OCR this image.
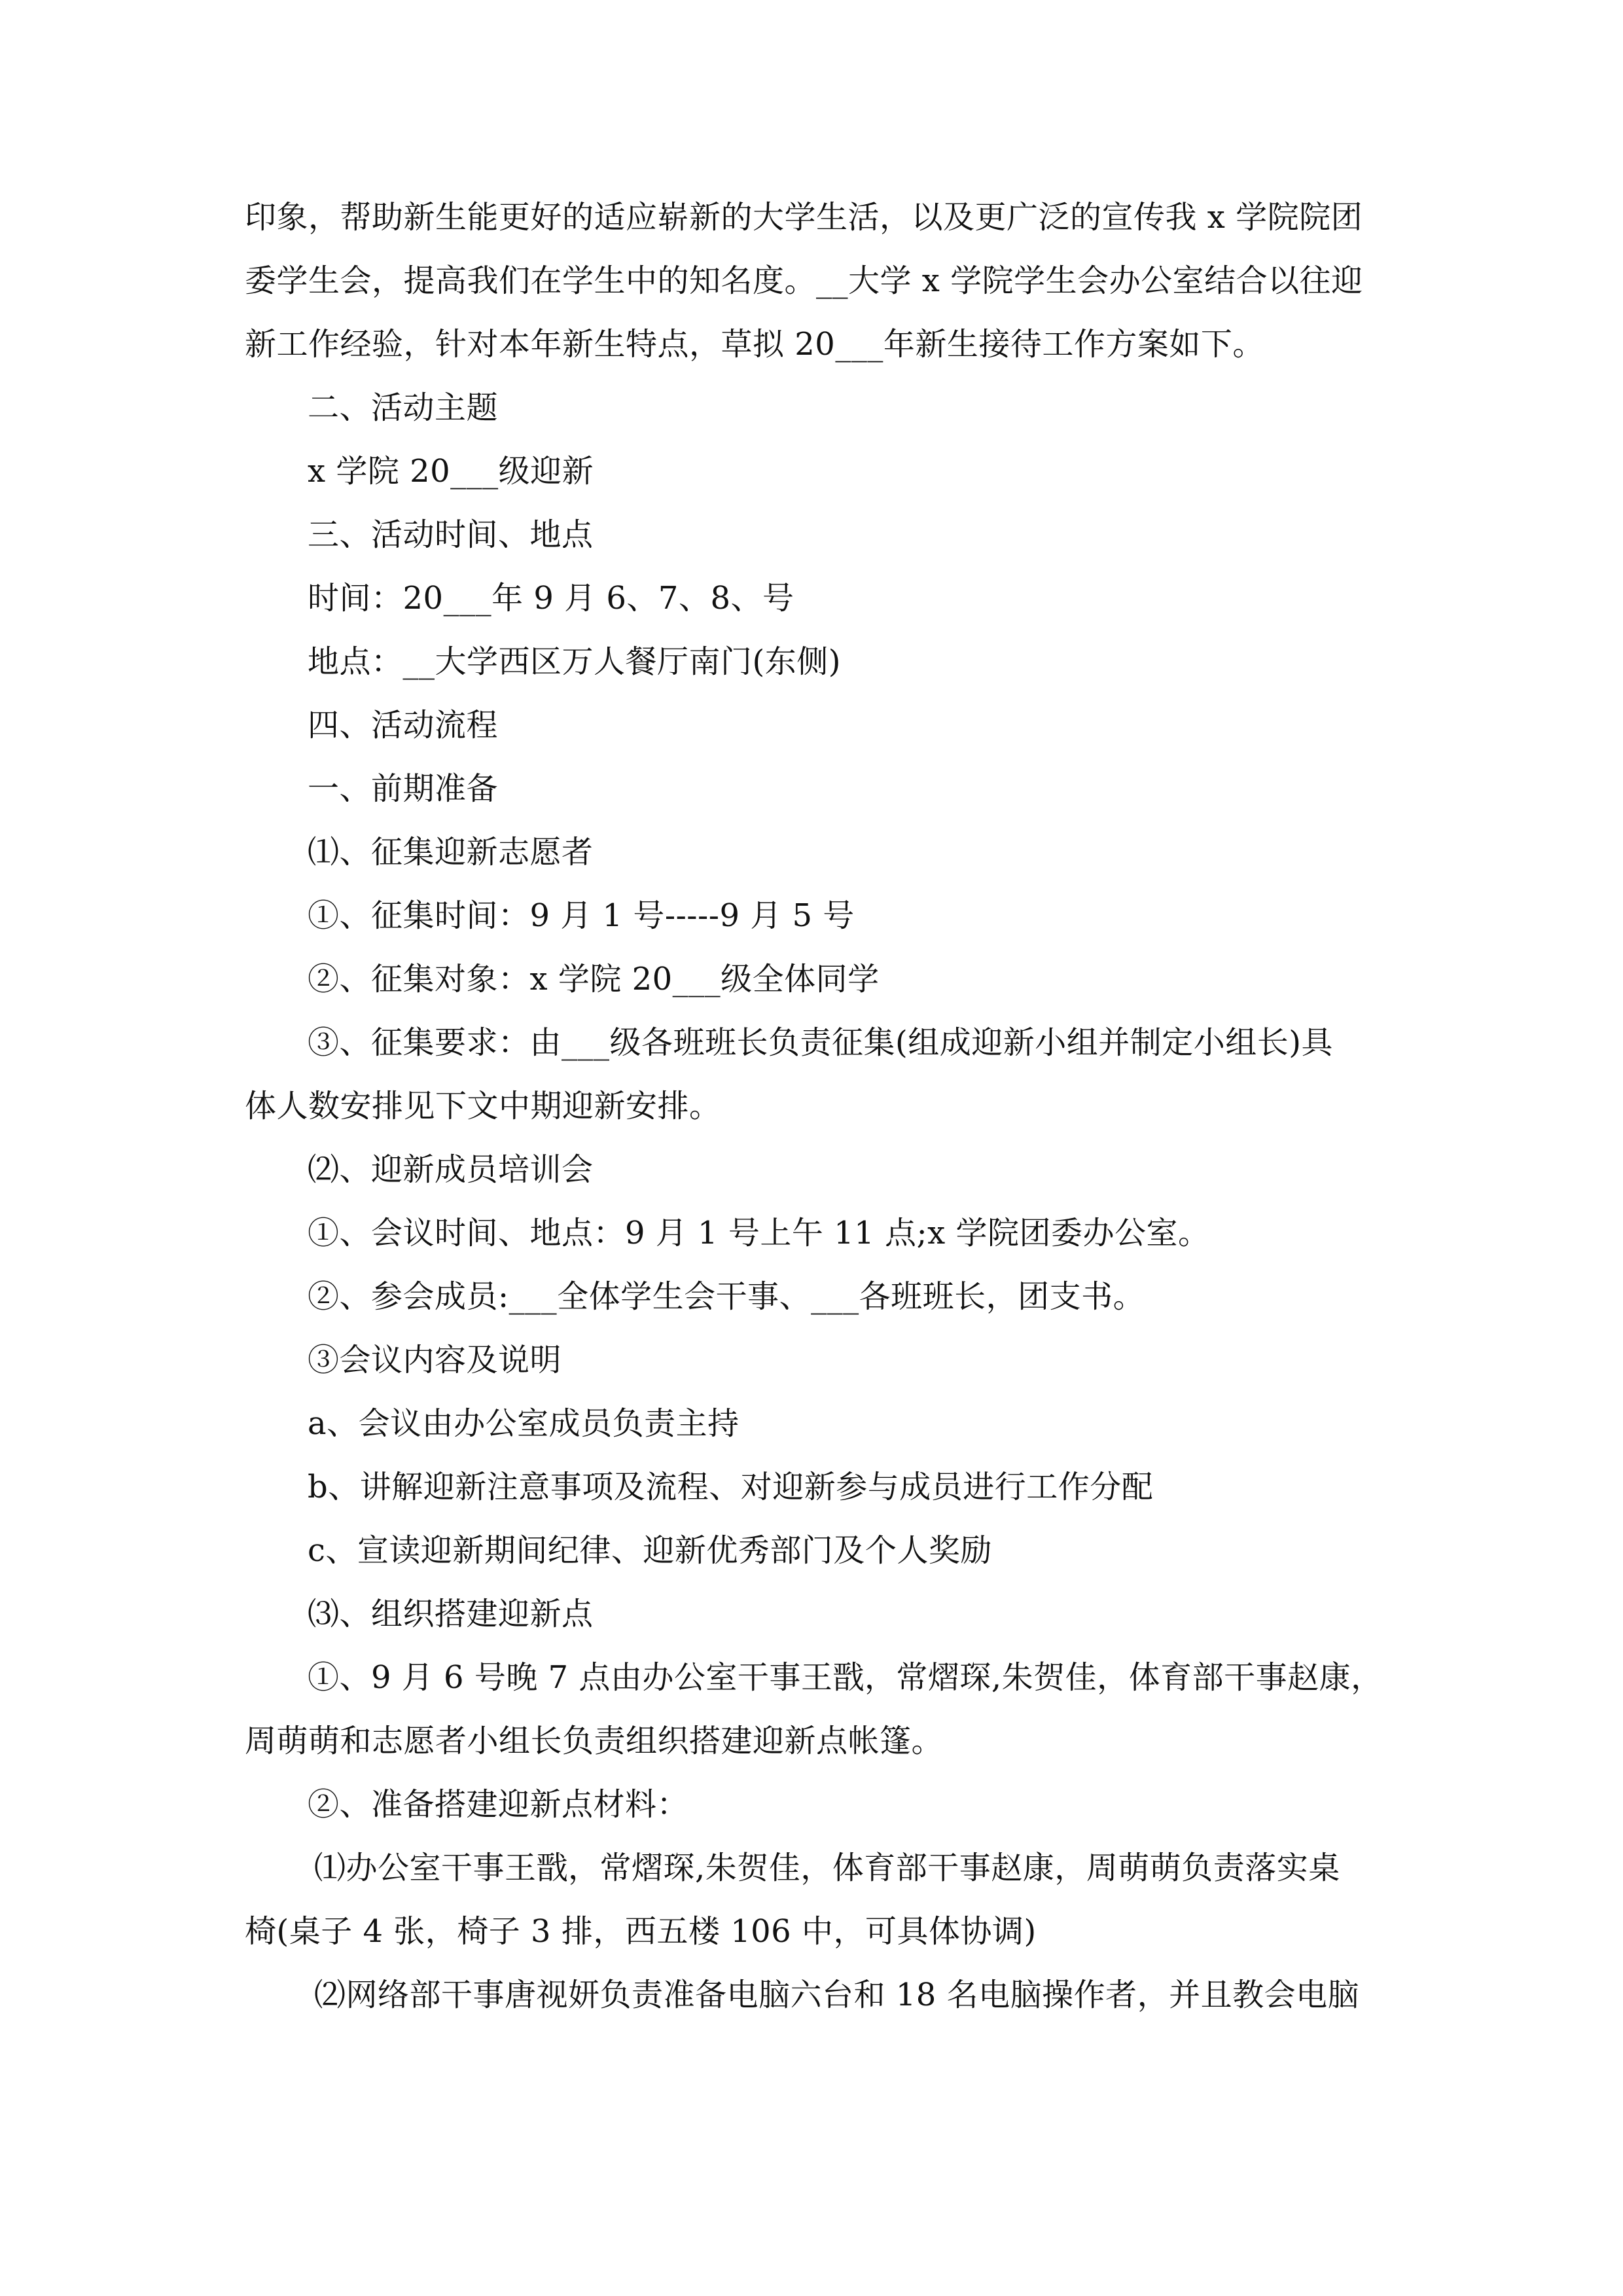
印象，帮助新生能更好的适应崭新的大学生活，以及更广泛的宣传我 x 学院院团
委学生会，提高我们在学生中的知名度。__大学 x 学院学生会办公室结合以往迎
新工作经验，针对本年新生特点，草拟 20___年新生接待工作方案如下。
二、活动主题
x 学院 20___级迎新
三、活动时间、地点
时间：20___年 9 月 6、7、8、号
地点：__大学西区万人餐厅南门(东侧)
四、活动流程
一、前期准备
⑴、征集迎新志愿者
①、征集时间：9 月 1 号-----9 月 5 号
②、征集对象：x 学院 20___级全体同学
③、征集要求：由___级各班班长负责征集(组成迎新小组并制定小组长)具
体人数安排见下文中期迎新安排。
⑵、迎新成员培训会
①、会议时间、地点：9 月 1 号上午 11 点;x 学院团委办公室。
②、参会成员:___全体学生会干事、___各班班长，团支书。
③会议内容及说明
a、会议由办公室成员负责主持
b、讲解迎新注意事项及流程、对迎新参与成员进行工作分配
c、宣读迎新期间纪律、迎新优秀部门及个人奖励
⑶、组织搭建迎新点
①、9 月 6 号晚 7 点由办公室干事王戬，常熠琛,朱贺佳，体育部干事赵康，
周萌萌和志愿者小组长负责组织搭建迎新点帐篷。
②、准备搭建迎新点材料：
⑴办公室干事王戬，常熠琛,朱贺佳，体育部干事赵康，周萌萌负责落实桌
椅(桌子 4 张，椅子 3 排，西五楼 106 中，可具体协调)
⑵网络部干事唐视妍负责准备电脑六台和 18 名电脑操作者，并且教会电脑
